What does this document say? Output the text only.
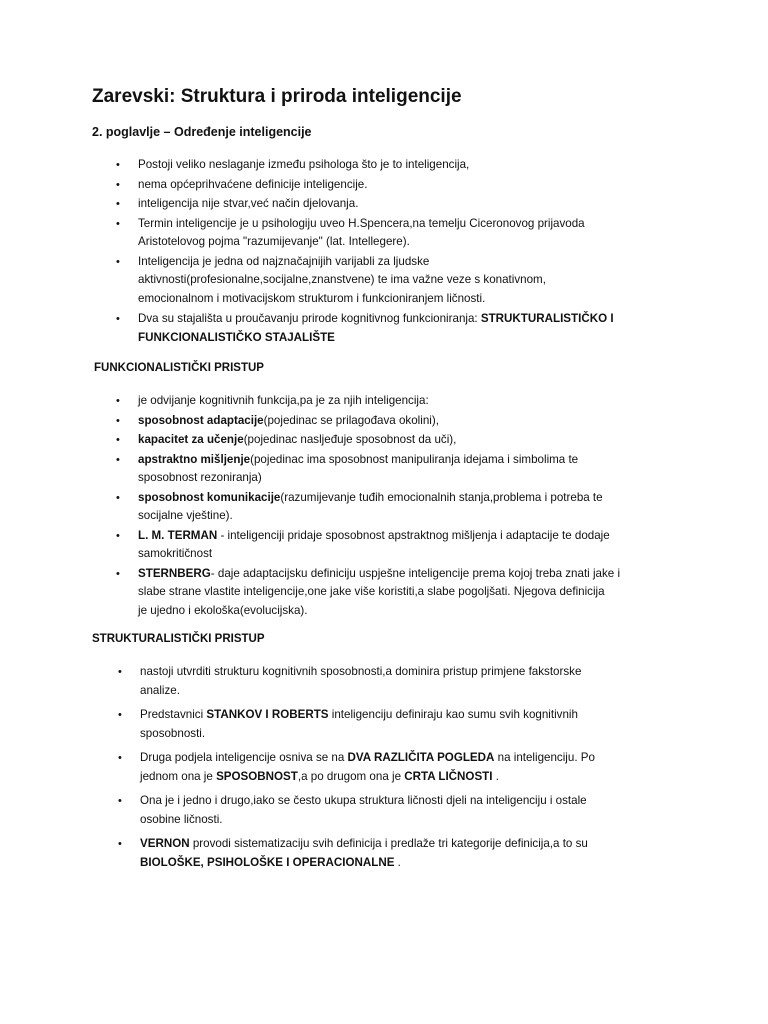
Zarevski: Struktura i priroda inteligencije
2. poglavlje – Određenje inteligencije
• Postoji veliko neslaganje između psihologa što je to inteligencija,
• nema općeprihvaćene definicije inteligencije.
• inteligencija nije stvar,već način djelovanja.
• Termin inteligencije je u psihologiju uveo H.Spencera,na temelju Ciceronovog prijavoda
Aristotelovog pojma "razumijevanje" (lat. Intellegere).
• Inteligencija je jedna od najznačajnijih varijabli za ljudske
aktivnosti(profesionalne,socijalne,znanstvene) te ima važne veze s konativnom,
emocionalnom i motivacijskom strukturom i funkcioniranjem ličnosti.
• Dva su stajališta u proučavanju prirode kognitivnog funkcioniranja: STRUKTURALISTIČKO I
FUNKCIONALISTIČKO STAJALIŠTE
FUNKCIONALISTIČKI PRISTUP
• je odvijanje kognitivnih funkcija,pa je za njih inteligencija:
• sposobnost adaptacije(pojedinac se prilagođava okolini),
• kapacitet za učenje(pojedinac nasljeđuje sposobnost da uči),
• apstraktno mišljenje(pojedinac ima sposobnost manipuliranja idejama i simbolima te
sposobnost rezoniranja)
• sposobnost komunikacije(razumijevanje tuđih emocionalnih stanja,problema i potreba te
socijalne vještine).
• L. M. TERMAN - inteligenciji pridaje sposobnost apstraktnog mišljenja i adaptacije te dodaje
samokritičnost
• STERNBERG- daje adaptacijsku definiciju uspješne inteligencije prema kojoj treba znati jake i
slabe strane vlastite inteligencije,one jake više koristiti,a slabe pogoljšati. Njegova definicija
je ujedno i ekološka(evolucijska).
STRUKTURALISTIČKI PRISTUP
• nastoji utvrditi strukturu kognitivnih sposobnosti,a dominira pristup primjene fakstorske
analize.
• Predstavnici STANKOV I ROBERTS inteligenciju definiraju kao sumu svih kognitivnih
sposobnosti.
• Druga podjela inteligencije osniva se na DVA RAZLIČITA POGLEDA na inteligenciju. Po
jednom ona je SPOSOBNOST,a po drugom ona je CRTA LIČNOSTI .
• Ona je i jedno i drugo,iako se često ukupa struktura ličnosti djeli na inteligenciju i ostale
osobine ličnosti.
• VERNON provodi sistematizaciju svih definicija i predlaže tri kategorije definicija,a to su
BIOLOŠKE, PSIHOLOŠKE I OPERACIONALNE .
